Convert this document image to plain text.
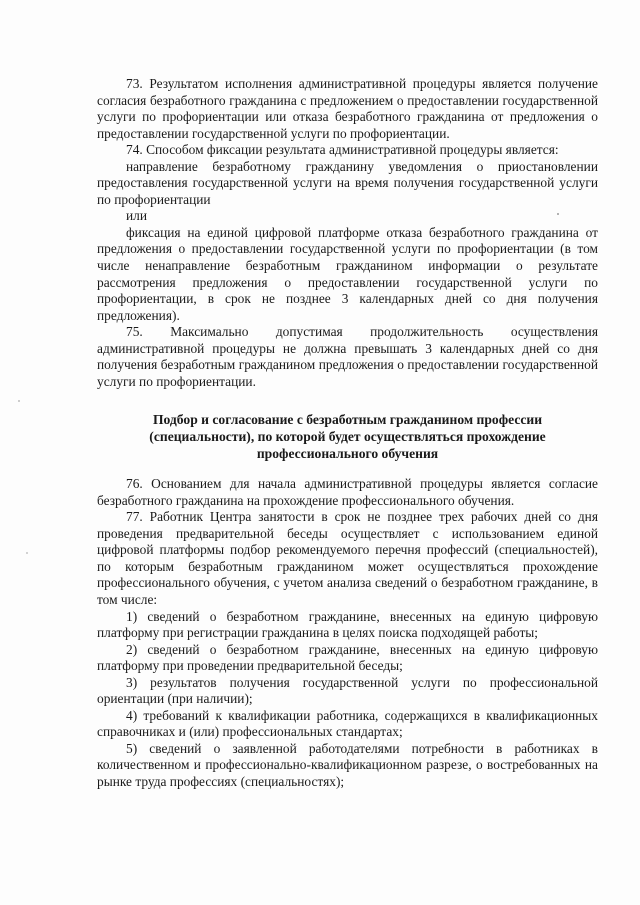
73. Результатом исполнения административной процедуры является получение согласия безработного гражданина с предложением о предоставлении государственной услуги по профориентации или отказа безработного гражданина от предложения о предоставлении государственной услуги по профориентации.

74. Способом фиксации результата административной процедуры является:

направление безработному гражданину уведомления о приостановлении предоставления государственной услуги на время получения государственной услуги по профориентации

или

фиксация на единой цифровой платформе отказа безработного гражданина от предложения о предоставлении государственной услуги по профориентации (в том числе ненаправление безработным гражданином информации о результате рассмотрения предложения о предоставлении государственной услуги по профориентации, в срок не позднее 3 календарных дней со дня получения предложения).

75. Максимально допустимая продолжительность осуществления административной процедуры не должна превышать 3 календарных дней со дня получения безработным гражданином предложения о предоставлении государственной услуги по профориентации.

Подбор и согласование с безработным гражданином профессии (специальности), по которой будет осуществляться прохождение профессионального обучения

76. Основанием для начала административной процедуры является согласие безработного гражданина на прохождение профессионального обучения.

77. Работник Центра занятости в срок не позднее трех рабочих дней со дня проведения предварительной беседы осуществляет с использованием единой цифровой платформы подбор рекомендуемого перечня профессий (специальностей), по которым безработным гражданином может осуществляться прохождение профессионального обучения, с учетом анализа сведений о безработном гражданине, в том числе:

1) сведений о безработном гражданине, внесенных на единую цифровую платформу при регистрации гражданина в целях поиска подходящей работы;

2) сведений о безработном гражданине, внесенных на единую цифровую платформу при проведении предварительной беседы;

3) результатов получения государственной услуги по профессиональной ориентации (при наличии);

4) требований к квалификации работника, содержащихся в квалификационных справочниках и (или) профессиональных стандартах;

5) сведений о заявленной работодателями потребности в работниках в количественном и профессионально-квалификационном разрезе, о востребованных на рынке труда профессиях (специальностях);
